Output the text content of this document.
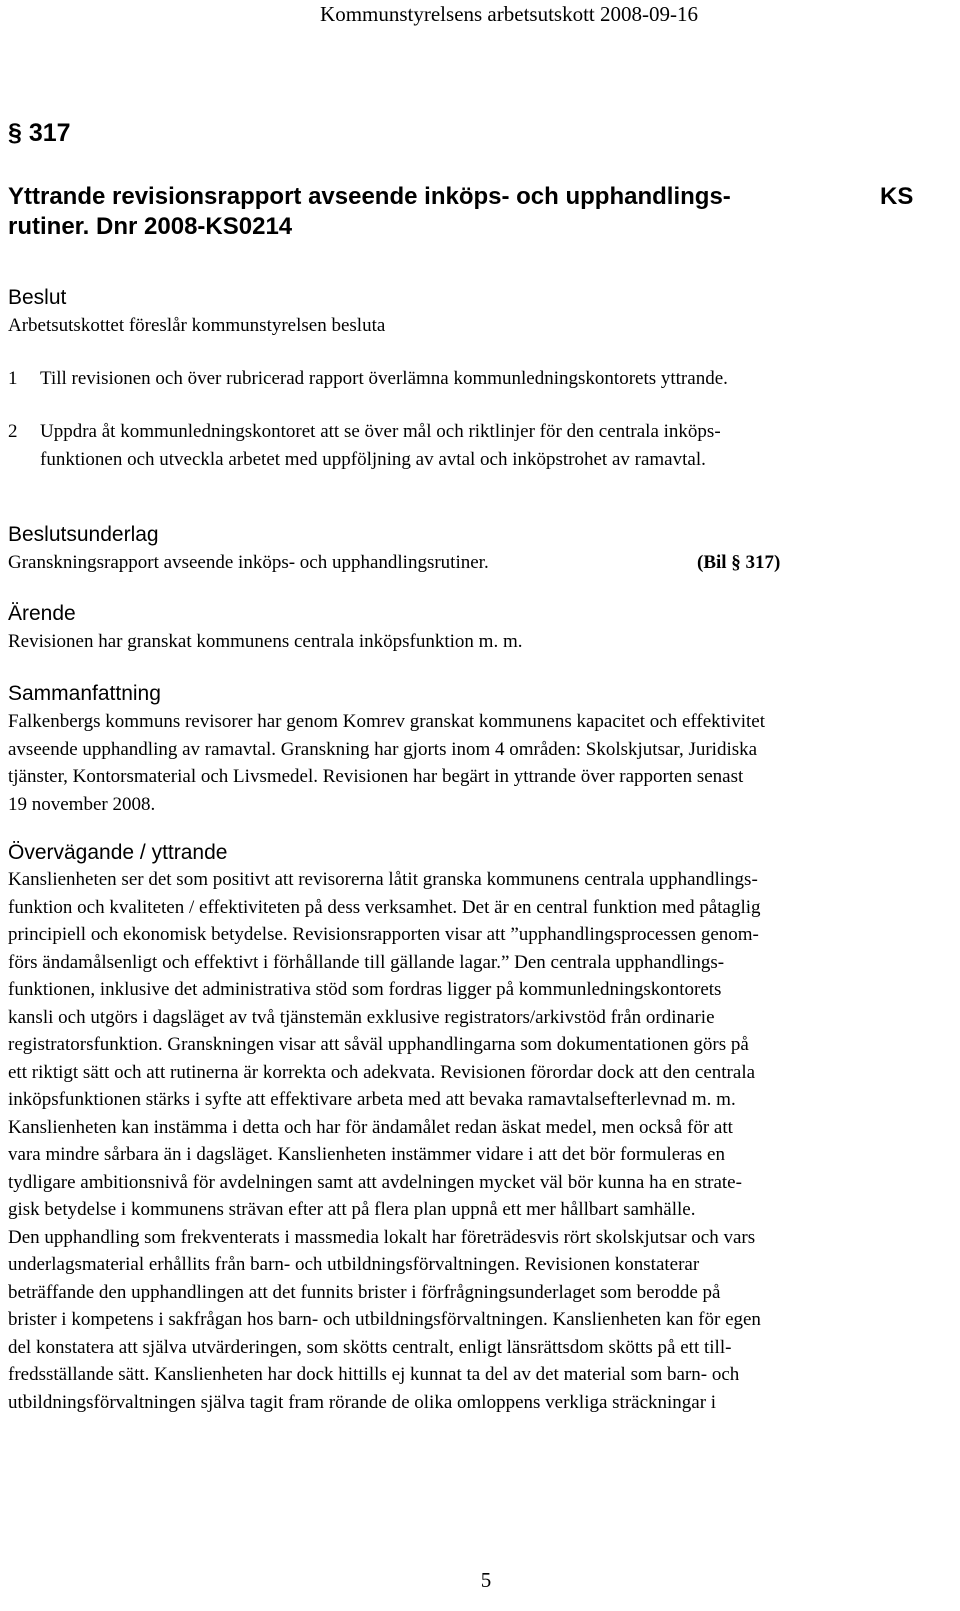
Kommunstyrelsens arbetsutskott 2008-09-16
§ 317
Yttrande revisionsrapport avseende inköps- och upphandlings-
rutiner. Dnr 2008-KS0214
KS
Beslut
Arbetsutskottet föreslår kommunstyrelsen besluta
1 Till revisionen och över rubricerad rapport överlämna kommunledningskontorets yttrande.
2 Uppdra åt kommunledningskontoret att se över mål och riktlinjer för den centrala inköps-
funktionen och utveckla arbetet med uppföljning av avtal och inköpstrohet av ramavtal.
Beslutsunderlag
Granskningsrapport avseende inköps- och upphandlingsrutiner.	(Bil § 317)
Ärende
Revisionen har granskat kommunens centrala inköpsfunktion m. m.
Sammanfattning
Falkenbergs kommuns revisorer har genom Komrev granskat kommunens kapacitet och effektivitet
avseende upphandling av ramavtal. Granskning har gjorts inom 4 områden: Skolskjutsar, Juridiska
tjänster, Kontorsmaterial och Livsmedel. Revisionen har begärt in yttrande över rapporten senast
19 november 2008.
Övervägande / yttrande
Kanslienheten ser det som positivt att revisorerna låtit granska kommunens centrala upphandlings-
funktion och kvaliteten / effektiviteten på dess verksamhet. Det är en central funktion med påtaglig
principiell och ekonomisk betydelse. Revisionsrapporten visar att ”upphandlingsprocessen genom-
förs ändamålsenligt och effektivt i förhållande till gällande lagar.” Den centrala upphandlings-
funktionen, inklusive det administrativa stöd som fordras ligger på kommunledningskontorets
kansli och utgörs i dagsläget av två tjänstemän exklusive registrators/arkivstöd från ordinarie
registratorsfunktion. Granskningen visar att såväl upphandlingarna som dokumentationen görs på
ett riktigt sätt och att rutinerna är korrekta och adekvata. Revisionen förordar dock att den centrala
inköpsfunktionen stärks i syfte att effektivare arbeta med att bevaka ramavtalsefterlevnad m. m.
Kanslienheten kan instämma i detta och har för ändamålet redan äskat medel, men också för att
vara mindre sårbara än i dagsläget. Kanslienheten instämmer vidare i att det bör formuleras en
tydligare ambitionsnivå för avdelningen samt att avdelningen mycket väl bör kunna ha en strate-
gisk betydelse i kommunens strävan efter att på flera plan uppnå ett mer hållbart samhälle.
Den upphandling som frekventerats i massmedia lokalt har företrädesvis rört skolskjutsar och vars
underlagsmaterial erhållits från barn- och utbildningsförvaltningen. Revisionen konstaterar
beträffande den upphandlingen att det funnits brister i förfrågningsunderlaget som berodde på
brister i kompetens i sakfrågan hos barn- och utbildningsförvaltningen. Kanslienheten kan för egen
del konstatera att själva utvärderingen, som skötts centralt, enligt länsrättsdom skötts på ett till-
fredsställande sätt. Kanslienheten har dock hittills ej kunnat ta del av det material som barn- och
utbildningsförvaltningen själva tagit fram rörande de olika omloppens verkliga sträckningar i
5
